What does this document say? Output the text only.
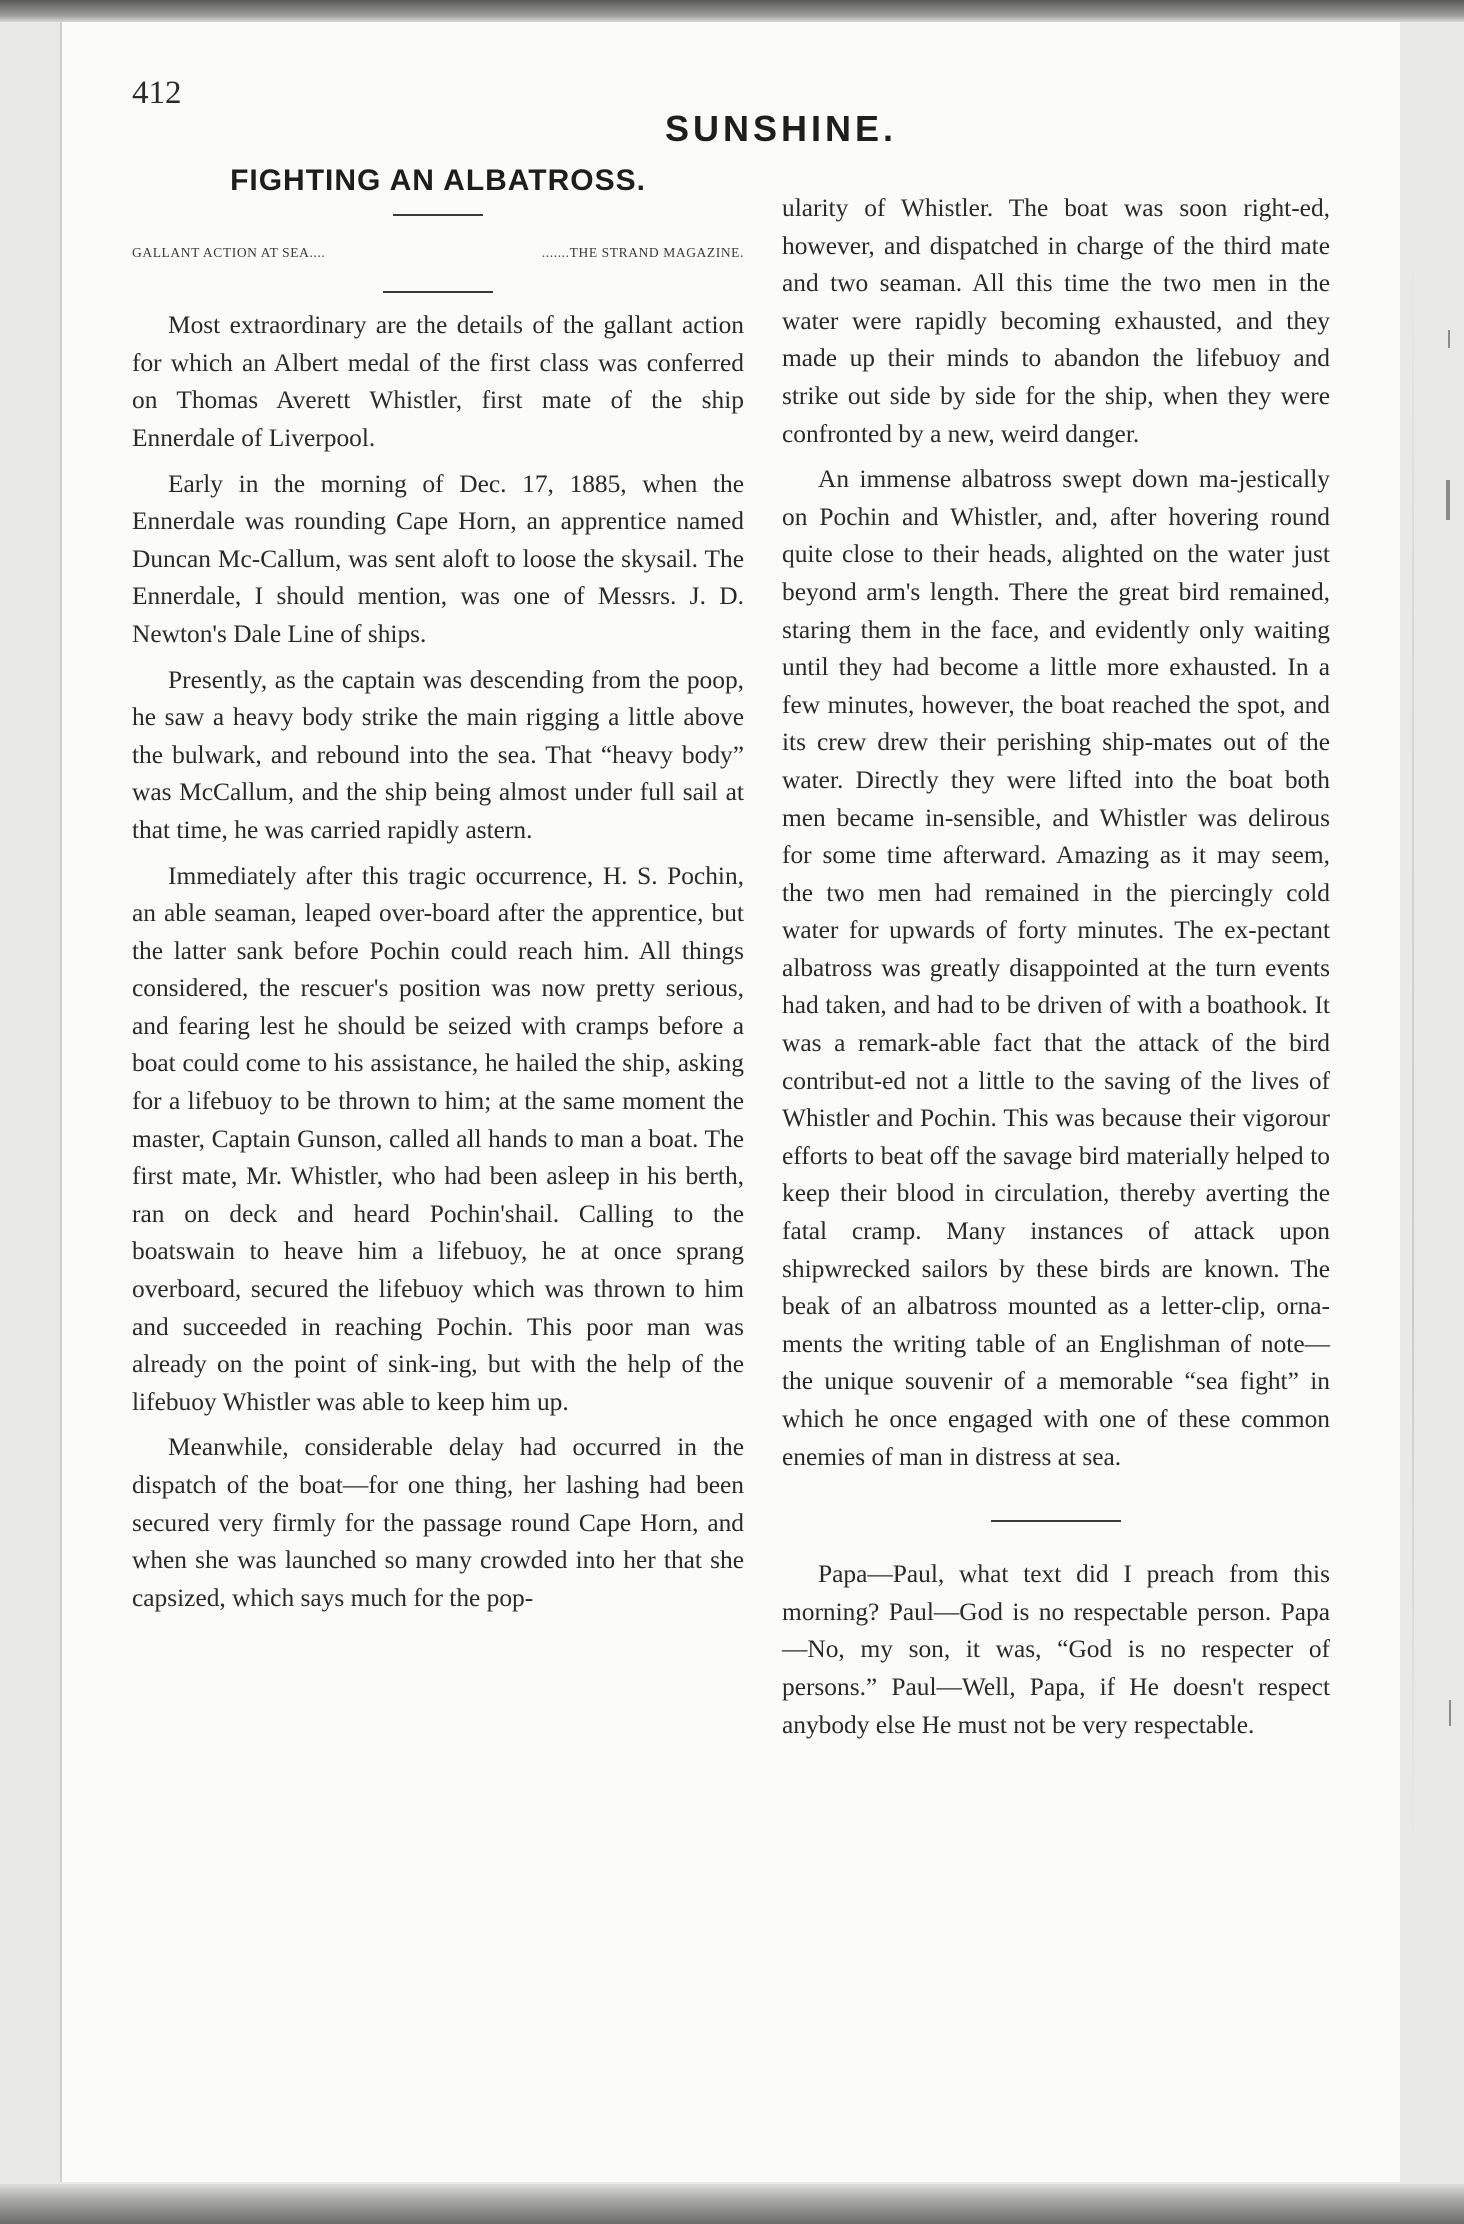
412
SUNSHINE.
FIGHTING AN ALBATROSS.
GALLANT ACTION AT SEA....	.......THE STRAND MAGAZINE.

Most extraordinary are the details of the gallant action for which an Albert medal of the first class was conferred on Thomas Averett Whistler, first mate of the ship Ennerdale of Liverpool.

Early in the morning of Dec. 17, 1885, when the Ennerdale was rounding Cape Horn, an apprentice named Duncan Mc-Callum, was sent aloft to loose the skysail. The Ennerdale, I should mention, was one of Messrs. J. D. Newton's Dale Line of ships.

Presently, as the captain was descending from the poop, he saw a heavy body strike the main rigging a little above the bulwark, and rebound into the sea. That “heavy body” was McCallum, and the ship being almost under full sail at that time, he was carried rapidly astern.

Immediately after this tragic occurrence, H. S. Pochin, an able seaman, leaped over-board after the apprentice, but the latter sank before Pochin could reach him. All things considered, the rescuer's position was now pretty serious, and fearing lest he should be seized with cramps before a boat could come to his assistance, he hailed the ship, asking for a lifebuoy to be thrown to him; at the same moment the master, Captain Gunson, called all hands to man a boat. The first mate, Mr. Whistler, who had been asleep in his berth, ran on deck and heard Pochin'shail. Calling to the boatswain to heave him a lifebuoy, he at once sprang overboard, secured the lifebuoy which was thrown to him and succeeded in reaching Pochin. This poor man was already on the point of sink-ing, but with the help of the lifebuoy Whistler was able to keep him up.

Meanwhile, considerable delay had occurred in the dispatch of the boat—for one thing, her lashing had been secured very firmly for the passage round Cape Horn, and when she was launched so many crowded into her that she capsized, which says much for the pop-

ularity of Whistler. The boat was soon right-ed, however, and dispatched in charge of the third mate and two seaman. All this time the two men in the water were rapidly becoming exhausted, and they made up their minds to abandon the lifebuoy and strike out side by side for the ship, when they were confronted by a new, weird danger.

An immense albatross swept down ma-jestically on Pochin and Whistler, and, after hovering round quite close to their heads, alighted on the water just beyond arm's length. There the great bird remained, staring them in the face, and evidently only waiting until they had become a little more exhausted. In a few minutes, however, the boat reached the spot, and its crew drew their perishing ship-mates out of the water. Directly they were lifted into the boat both men became in-sensible, and Whistler was delirous for some time afterward. Amazing as it may seem, the two men had remained in the piercingly cold water for upwards of forty minutes. The ex-pectant albatross was greatly disappointed at the turn events had taken, and had to be driven of with a boathook. It was a remark-able fact that the attack of the bird contribut-ed not a little to the saving of the lives of Whistler and Pochin. This was because their vigorour efforts to beat off the savage bird materially helped to keep their blood in circulation, thereby averting the fatal cramp. Many instances of attack upon shipwrecked sailors by these birds are known. The beak of an albatross mounted as a letter-clip, orna-ments the writing table of an Englishman of note—the unique souvenir of a memorable “sea fight” in which he once engaged with one of these common enemies of man in distress at sea.

Papa—Paul, what text did I preach from this morning? Paul—God is no respectable person. Papa—No, my son, it was, “God is no respecter of persons.” Paul—Well, Papa, if He doesn't respect anybody else He must not be very respectable.
